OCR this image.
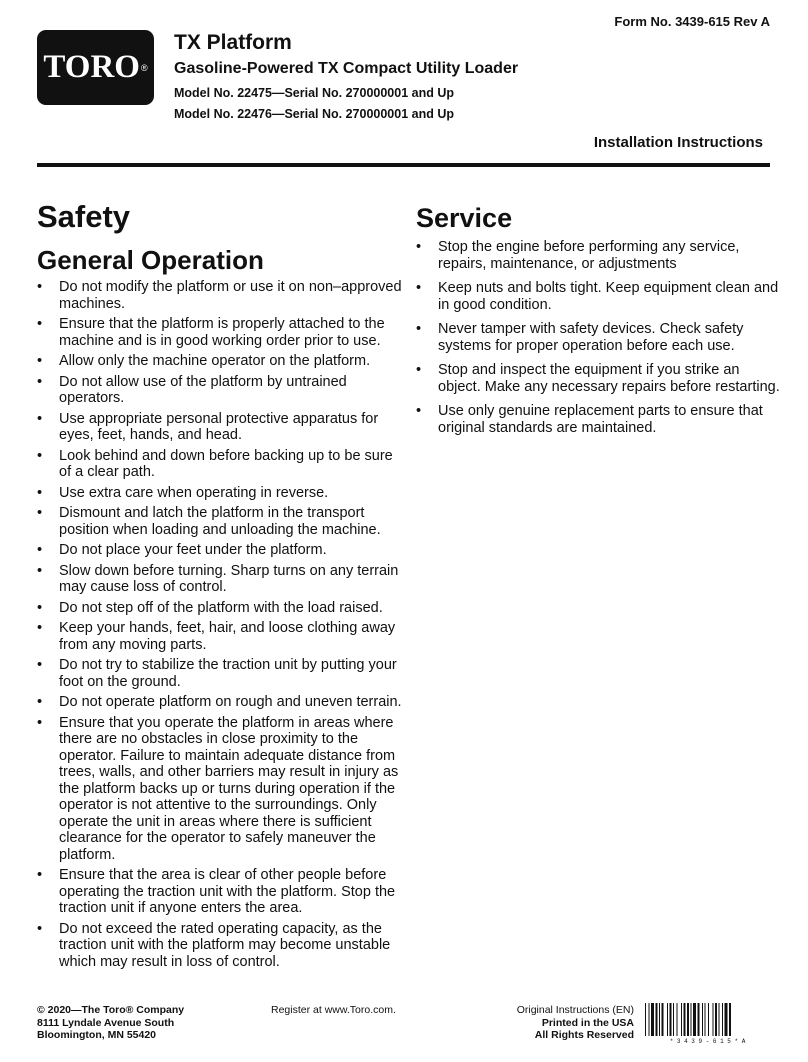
Form No. 3439-615 Rev A
TORO ®
TX Platform
Gasoline-Powered TX Compact Utility Loader
Model No. 22475—Serial No. 270000001 and Up
Model No. 22476—Serial No. 270000001 and Up
Installation Instructions
Safety
General Operation
• Do not modify the platform or use it on non–approved machines.
• Ensure that the platform is properly attached to the machine and is in good working order prior to use.
• Allow only the machine operator on the platform.
• Do not allow use of the platform by untrained operators.
• Use appropriate personal protective apparatus for eyes, feet, hands, and head.
• Look behind and down before backing up to be sure of a clear path.
• Use extra care when operating in reverse.
• Dismount and latch the platform in the transport position when loading and unloading the machine.
• Do not place your feet under the platform.
• Slow down before turning. Sharp turns on any terrain may cause loss of control.
• Do not step off of the platform with the load raised.
• Keep your hands, feet, hair, and loose clothing away from any moving parts.
• Do not try to stabilize the traction unit by putting your foot on the ground.
• Do not operate platform on rough and uneven terrain.
• Ensure that you operate the platform in areas where there are no obstacles in close proximity to the operator. Failure to maintain adequate distance from trees, walls, and other barriers may result in injury as the platform backs up or turns during operation if the operator is not attentive to the surroundings. Only operate the unit in areas where there is sufficient clearance for the operator to safely maneuver the platform.
• Ensure that the area is clear of other people before operating the traction unit with the platform. Stop the traction unit if anyone enters the area.
• Do not exceed the rated operating capacity, as the traction unit with the platform may become unstable which may result in loss of control.
Service
• Stop the engine before performing any service, repairs, maintenance, or adjustments
• Keep nuts and bolts tight. Keep equipment clean and in good condition.
• Never tamper with safety devices. Check safety systems for proper operation before each use.
• Stop and inspect the equipment if you strike an object. Make any necessary repairs before restarting.
• Use only genuine replacement parts to ensure that original standards are maintained.
© 2020—The Toro® Company
8111 Lyndale Avenue South
Bloomington, MN 55420
Register at www.Toro.com.	Original Instructions (EN)
Printed in the USA
All Rights Reserved
* 3 4 3 9 - 6 1 5 * A
